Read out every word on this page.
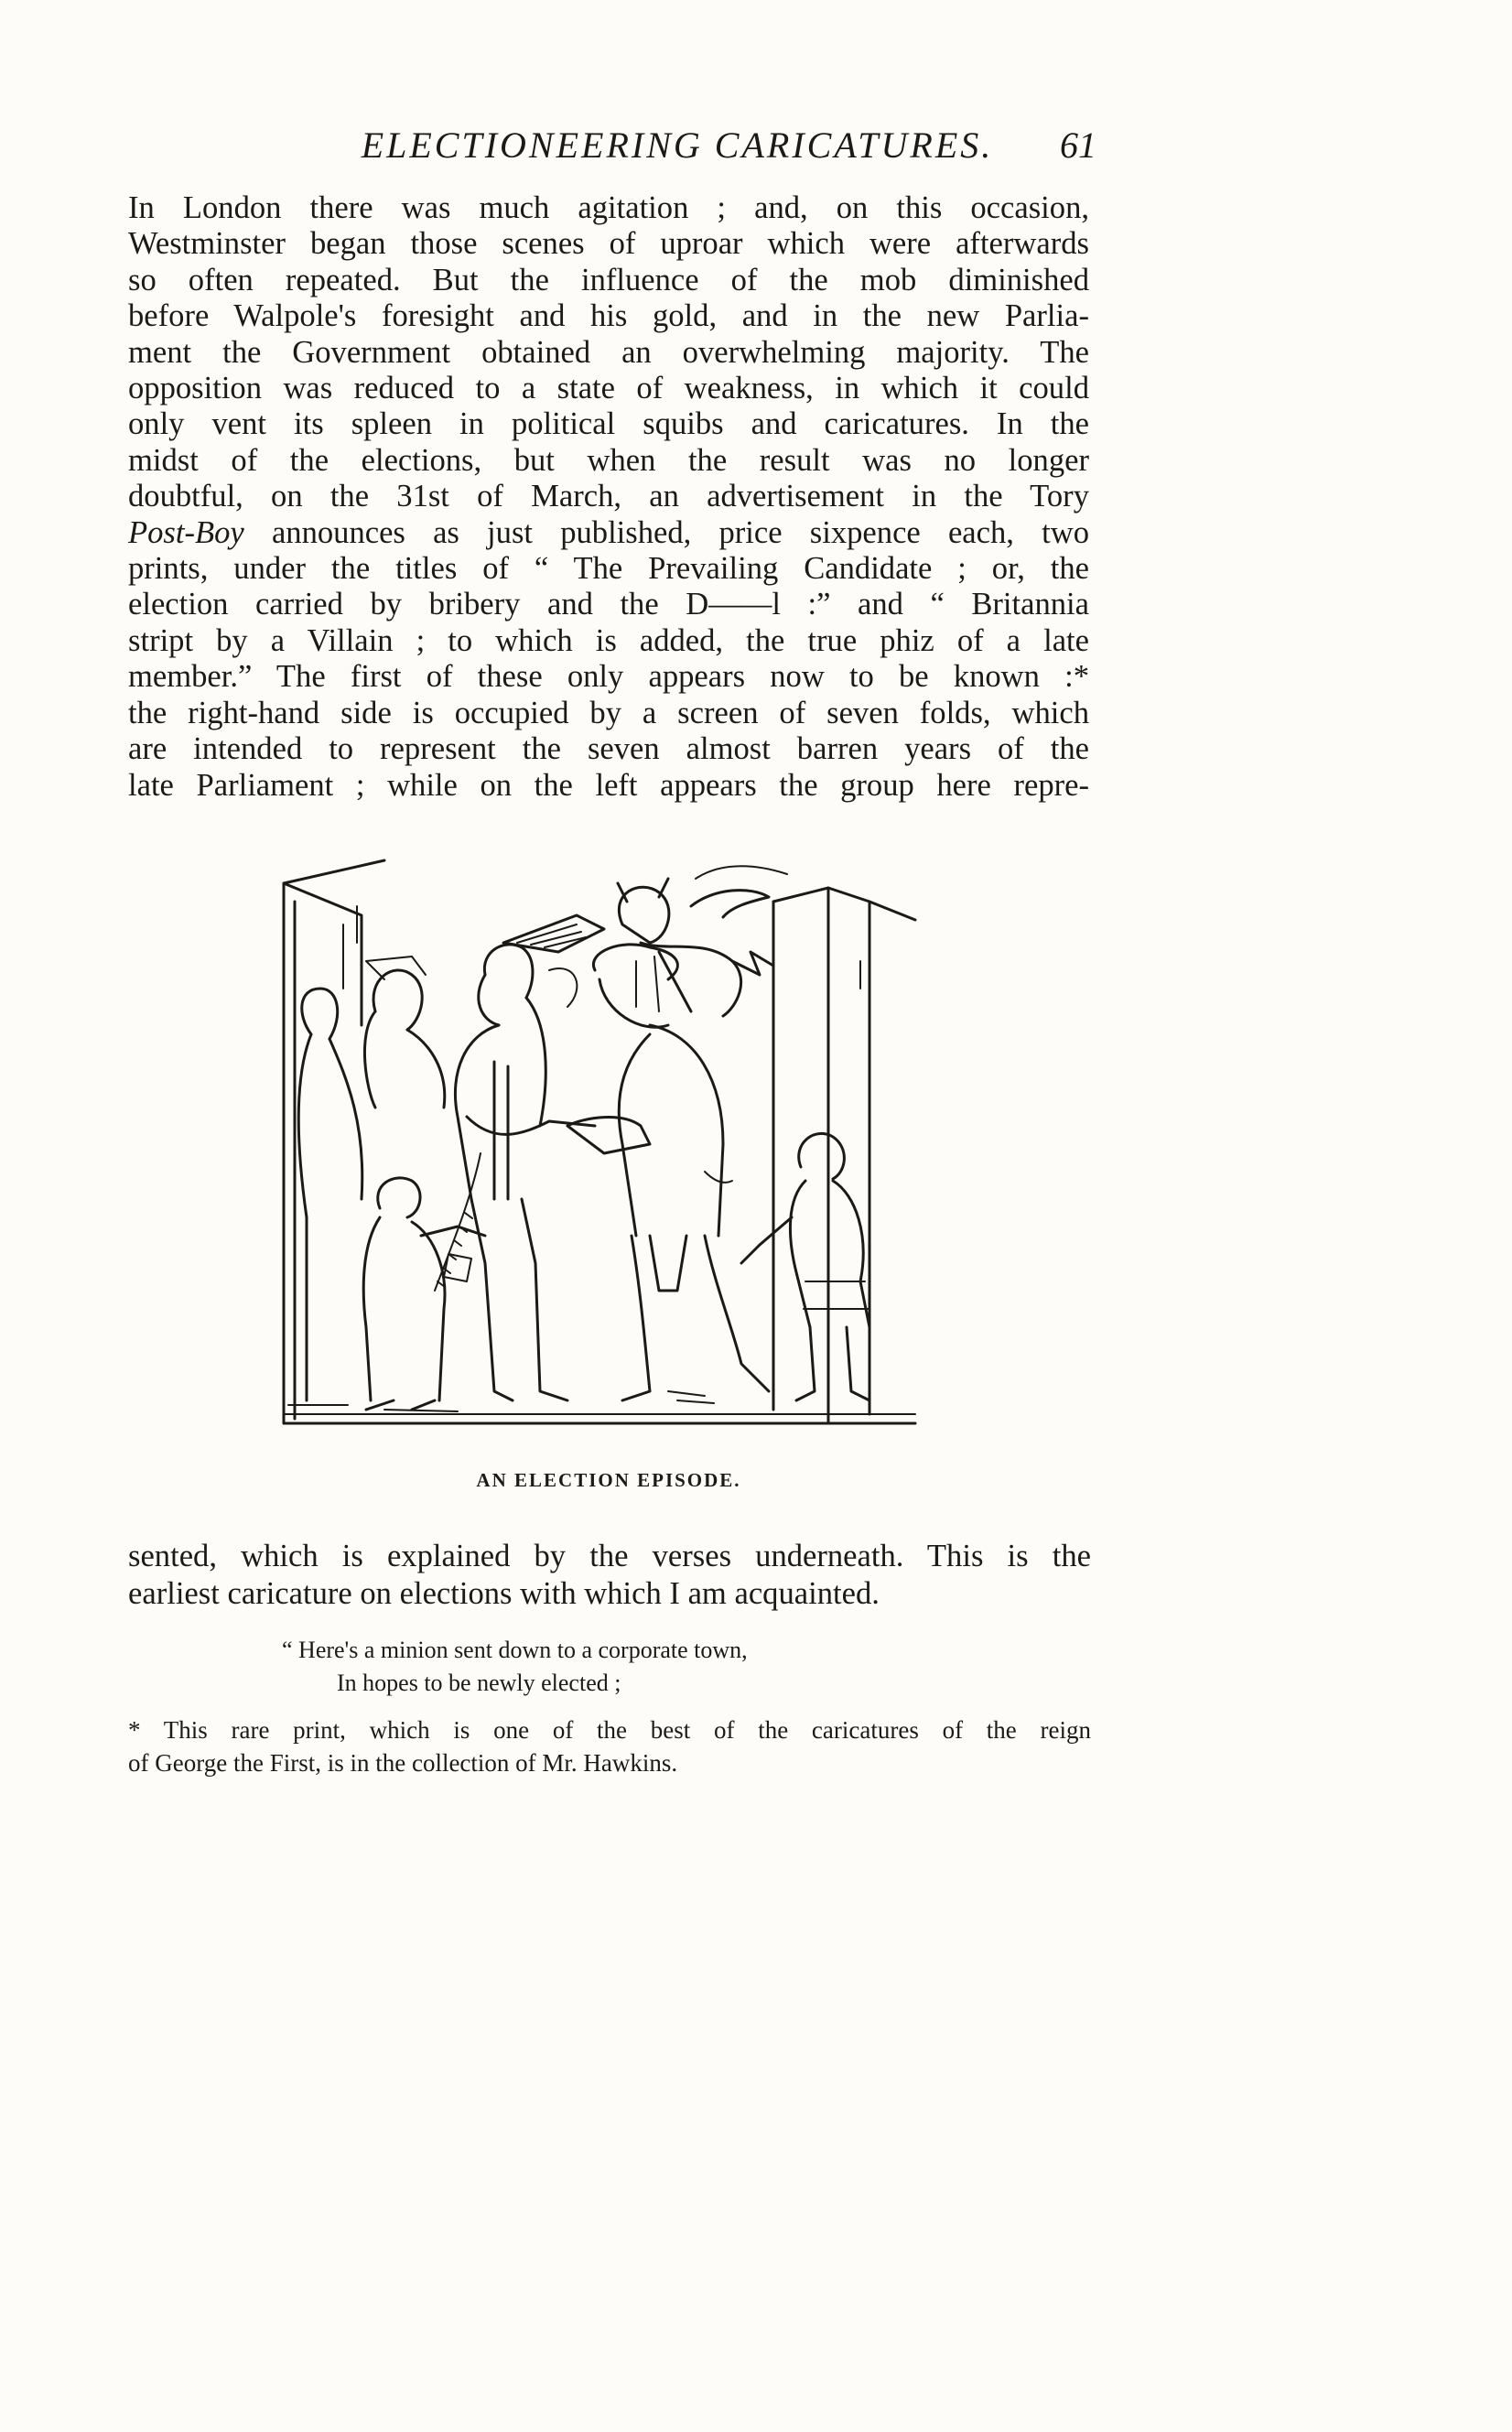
ELECTIONEERING CARICATURES.	61
In London there was much agitation ; and, on this occasion,
Westminster began those scenes of uproar which were afterwards
so often repeated. But the influence of the mob diminished
before Walpole's foresight and his gold, and in the new Parlia-
ment the Government obtained an overwhelming majority. The
opposition was reduced to a state of weakness, in which it could
only vent its spleen in political squibs and caricatures. In the
midst of the elections, but when the result was no longer
doubtful, on the 31st of March, an advertisement in the Tory
Post-Boy announces as just published, price sixpence each, two
prints, under the titles of “ The Prevailing Candidate ; or, the
election carried by bribery and the D——l :” and “ Britannia
stript by a Villain ; to which is added, the true phiz of a late
member.” The first of these only appears now to be known :*
the right-hand side is occupied by a screen of seven folds, which
are intended to represent the seven almost barren years of the
late Parliament ; while on the left appears the group here repre-
AN ELECTION EPISODE.
sented, which is explained by the verses underneath. This is the
earliest caricature on elections with which I am acquainted.
“ Here's a minion sent down to a corporate town,
In hopes to be newly elected ;
* This rare print, which is one of the best of the caricatures of the reign
of George the First, is in the collection of Mr. Hawkins.
